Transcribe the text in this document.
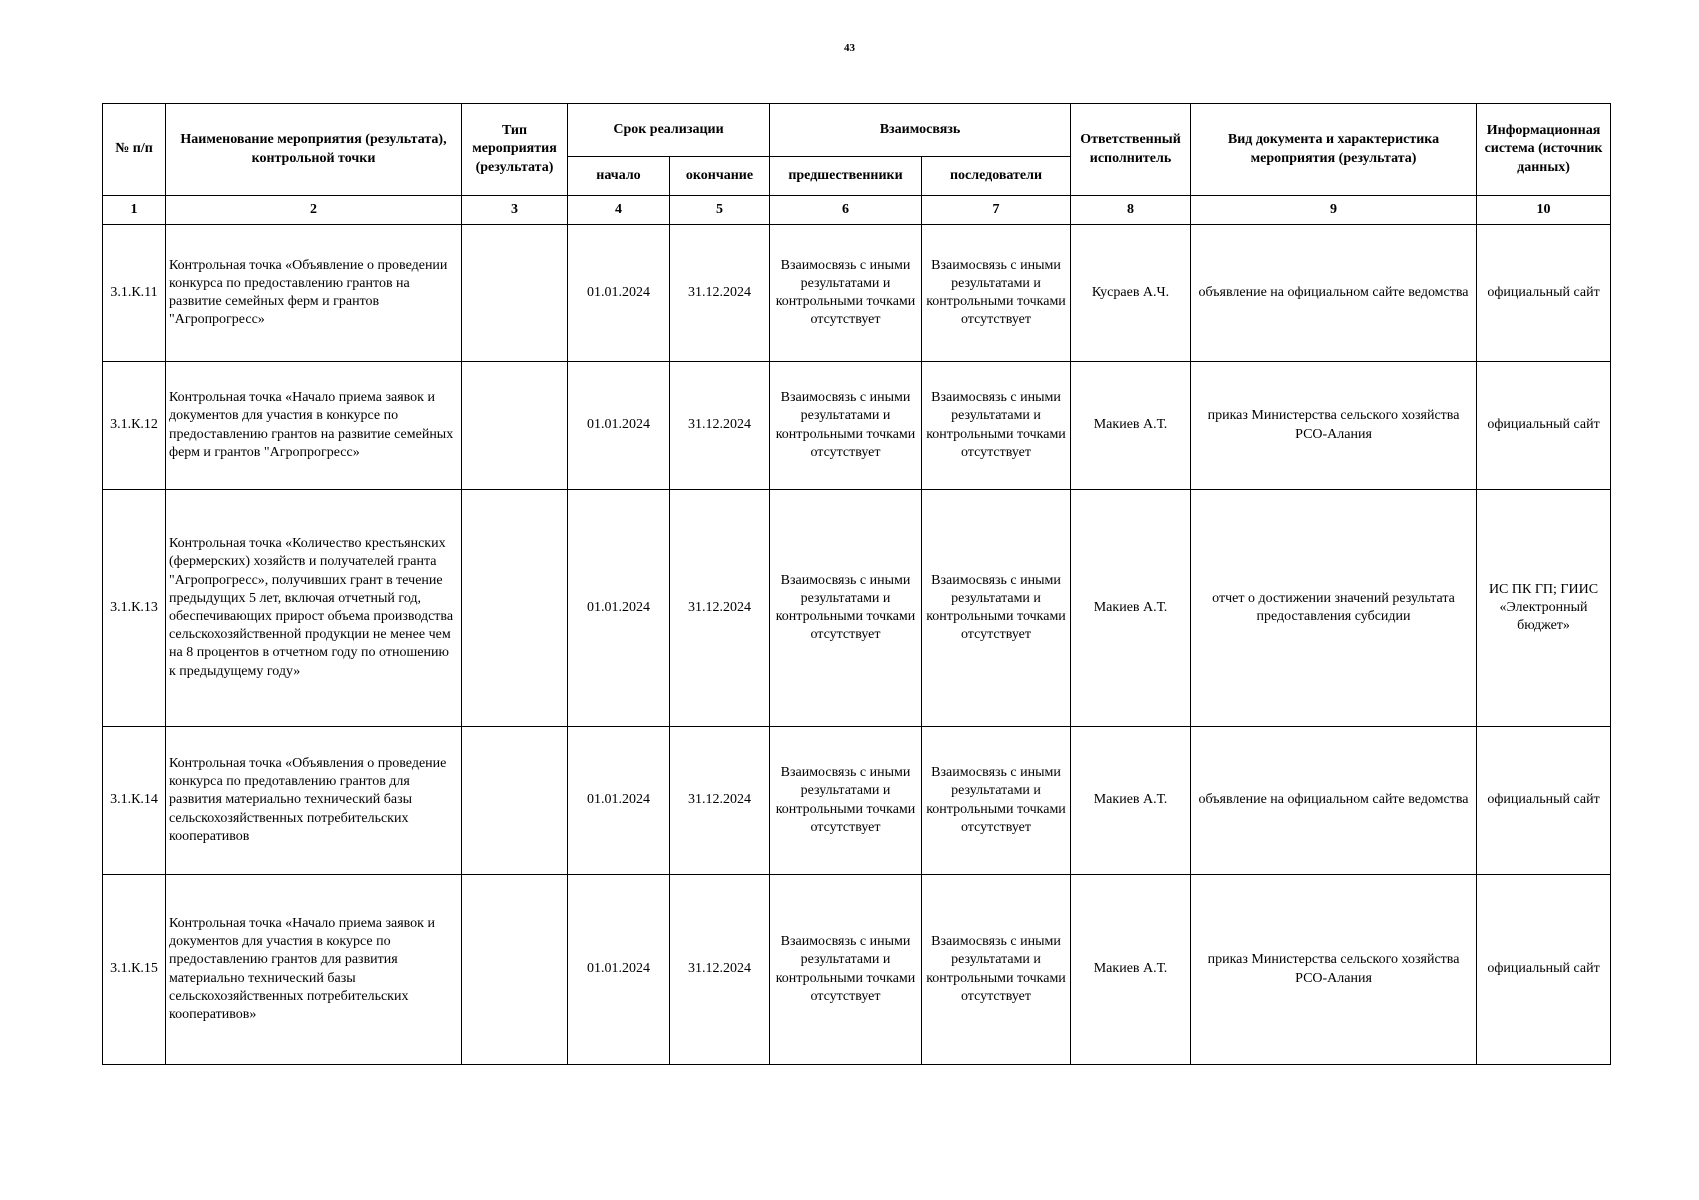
43
№ п/п	Наименование мероприятия (результата), контрольной точки	Тип мероприятия (результата)	Срок реализации		Взаимосвязь		Ответственный исполнитель	Вид документа и характеристика мероприятия (результата)	Информационная система (источник данных)
			начало	окончание	предшественники	последователи			
1	2	3	4	5	6	7	8	9	10
3.1.К.11	Контрольная точка «Объявление о проведении конкурса по предоставлению грантов на развитие семейных ферм и грантов "Агропрогресс»		01.01.2024	31.12.2024	Взаимосвязь с иными результатами и контрольными точками отсутствует	Взаимосвязь с иными результатами и контрольными точками отсутствует	Кусраев А.Ч.	объявление на официальном сайте ведомства	официальный сайт
3.1.К.12	Контрольная точка «Начало приема заявок и документов для участия в конкурсе по предоставлению грантов на развитие семейных ферм и грантов "Агропрогресс»		01.01.2024	31.12.2024	Взаимосвязь с иными результатами и контрольными точками отсутствует	Взаимосвязь с иными результатами и контрольными точками отсутствует	Макиев А.Т.	приказ Министерства сельского хозяйства РСО-Алания	официальный сайт
3.1.К.13	Контрольная точка «Количество крестьянских (фермерских) хозяйств и получателей гранта "Агропрогресс», получивших грант в течение предыдущих 5 лет, включая отчетный год, обеспечивающих прирост объема производства сельскохозяйственной продукции не менее чем на 8 процентов в отчетном году по отношению к предыдущему году»		01.01.2024	31.12.2024	Взаимосвязь с иными результатами и контрольными точками отсутствует	Взаимосвязь с иными результатами и контрольными точками отсутствует	Макиев А.Т.	отчет о достижении значений результата предоставления субсидии	ИС ПК ГП; ГИИС «Электронный бюджет»
3.1.К.14	Контрольная точка «Объявления о проведение конкурса по предотавлению грантов для развития материально технический базы сельскохозяйственных потребительских кооперативов		01.01.2024	31.12.2024	Взаимосвязь с иными результатами и контрольными точками отсутствует	Взаимосвязь с иными результатами и контрольными точками отсутствует	Макиев А.Т.	объявление на официальном сайте ведомства	официальный сайт
3.1.К.15	Контрольная точка «Начало приема заявок и документов для участия в кокурсе по предоставлению грантов для развития материально технический базы сельскохозяйственных потребительских кооперативов»		01.01.2024	31.12.2024	Взаимосвязь с иными результатами и контрольными точками отсутствует	Взаимосвязь с иными результатами и контрольными точками отсутствует	Макиев А.Т.	приказ Министерства сельского хозяйства РСО-Алания	официальный сайт
